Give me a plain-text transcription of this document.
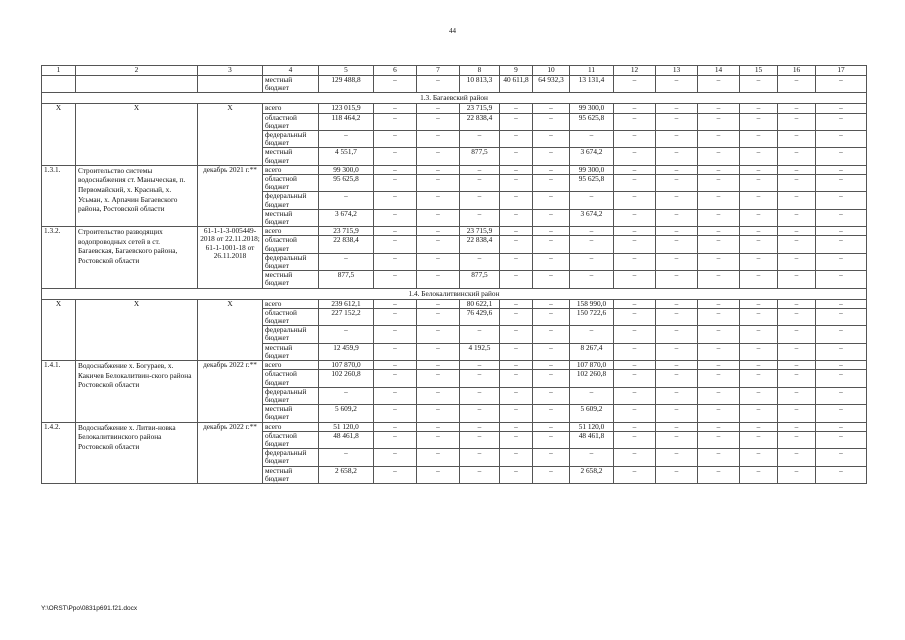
44
1	2	3	4	5	6	7	8	9	10	11	12	13	14	15	16	17
			местный бюджет	129 488,8	–	–	10 813,3	40 611,8	64 932,3	13 131,4	–	–	–	–	–	–
1.3. Багаевский район																
Х	Х	Х	всего	123 015,9	–	–	23 715,9	–	–	99 300,0	–	–	–	–	–	–
			областной бюджет	118 464,2	–	–	22 838,4	–	–	95 625,8	–	–	–	–	–	–
			федеральный бюджет	–	–	–	–	–	–	–	–	–	–	–	–	–
			местный бюджет	4 551,7	–	–	877,5	–	–	3 674,2	–	–	–	–	–	–
1.3.1.	Строительство системы водоснабжения ст. Маныческая, п. Первомайский, х. Красный, х. Усьман, х. Арпачин Багаевского района, Ростовской области	декабрь 2021 г.**	всего	99 300,0	–	–	–	–	–	99 300,0	–	–	–	–	–	–
			областной бюджет	95 625,8	–	–	–	–	–	95 625,8	–	–	–	–	–	–
			федеральный бюджет	–	–	–	–	–	–	–	–	–	–	–	–	–
			местный бюджет	3 674,2	–	–	–	–	–	3 674,2	–	–	–	–	–	–
1.3.2.	Строительство разводящих водопроводных сетей в ст. Багаевская, Багаевского района, Ростовской области	61-1-1-3-005449-2018 от 22.11.2018; 61-1-1001-18 от 26.11.2018	всего	23 715,9	–	–	23 715,9	–	–	–	–	–	–	–	–	–
			областной бюджет	22 838,4	–	–	22 838,4	–	–	–	–	–	–	–	–	–
			федеральный бюджет	–	–	–	–	–	–	–	–	–	–	–	–	–
			местный бюджет	877,5	–	–	877,5	–	–	–	–	–	–	–	–	–
1.4. Белокалитвинский район																
Х	Х	Х	всего	239 612,1	–	–	80 622,1	–	–	158 990,0	–	–	–	–	–	–
			областной бюджет	227 152,2	–	–	76 429,6	–	–	150 722,6	–	–	–	–	–	–
			федеральный бюджет	–	–	–	–	–	–	–	–	–	–	–	–	–
			местный бюджет	12 459,9	–	–	4 192,5	–	–	8 267,4	–	–	–	–	–	–
1.4.1.	Водоснабжение х. Богураев, х. Какичев Белокалитвин-ского района Ростовской области	декабрь 2022 г.**	всего	107 870,0	–	–	–	–	–	107 870,0	–	–	–	–	–	–
			областной бюджет	102 260,8	–	–	–	–	–	102 260,8	–	–	–	–	–	–
			федеральный бюджет	–	–	–	–	–	–	–	–	–	–	–	–	–
			местный бюджет	5 609,2	–	–	–	–	–	5 609,2	–	–	–	–	–	–
1.4.2.	Водоснабжение х. Литви-новка Белокалитвинского района Ростовской области	декабрь 2022 г.**	всего	51 120,0	–	–	–	–	–	51 120,0	–	–	–	–	–	–
			областной бюджет	48 461,8	–	–	–	–	–	48 461,8	–	–	–	–	–	–
			федеральный бюджет	–	–	–	–	–	–	–	–	–	–	–	–	–
			местный бюджет	2 658,2	–	–	–	–	–	2 658,2	–	–	–	–	–	–
Y:\ORST\Ppo\0831p691.f21.docx
